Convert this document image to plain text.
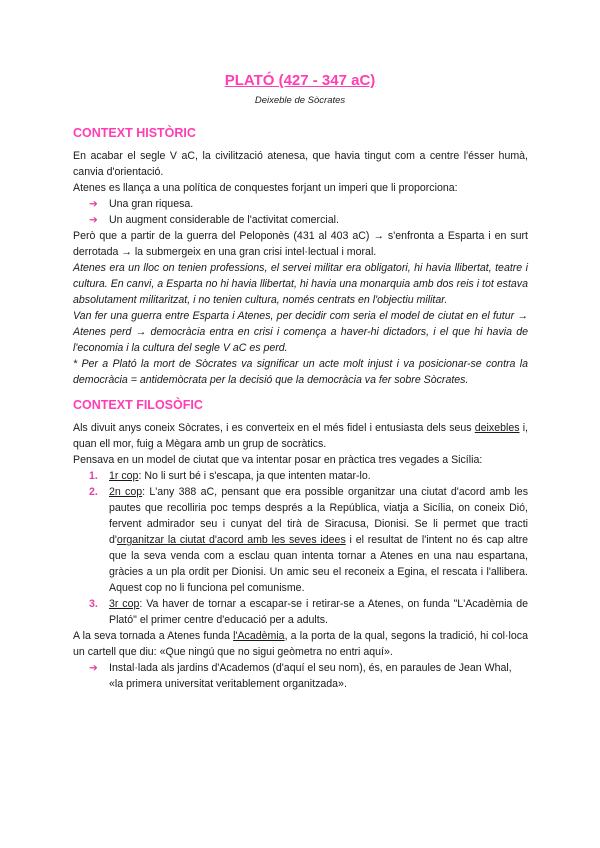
PLATÓ (427 - 347 aC)
Deixeble de Sòcrates
CONTEXT HISTÒRIC

En acabar el segle V aC, la civilització atenesa, que havia tingut com a centre l'ésser humà, canvia d'orientació.

Atenes es llança a una política de conquestes forjant un imperi que li proporciona:

➔ Una gran riquesa.
➔ Un augment considerable de l'activitat comercial.

Però que a partir de la guerra del Peloponès (431 al 403 aC) → s'enfronta a Esparta i en surt derrotada → la submergeix en una gran crisi intel·lectual i moral.

Atenes era un lloc on tenien professions, el servei militar era obligatori, hi havia llibertat, teatre i cultura. En canvi, a Esparta no hi havia llibertat, hi havia una monarquia amb dos reis i tot estava absolutament militaritzat, i no tenien cultura, només centrats en l'objectiu militar.

Van fer una guerra entre Esparta i Atenes, per decidir com seria el model de ciutat en el futur → Atenes perd → democràcia entra en crisi i comença a haver-hi dictadors, i el que hi havia de l'economia i la cultura del segle V aC es perd.

* Per a Plató la mort de Sòcrates va significar un acte molt injust i va posicionar-se contra la democràcia = antidemòcrata per la decisió que la democràcia va fer sobre Sòcrates.

CONTEXT FILOSÒFIC

Als divuit anys coneix Sòcrates, i es converteix en el més fidel i entusiasta dels seus deixebles i, quan ell mor, fuig a Mègara amb un grup de socràtics.

Pensava en un model de ciutat que va intentar posar en pràctica tres vegades a Sicília:

1. 1r cop: No li surt bé i s'escapa, ja que intenten matar-lo.
2. 2n cop: L'any 388 aC, pensant que era possible organitzar una ciutat d'acord amb les pautes que recolliria poc temps després a la República, viatja a Sicília, on coneix Dió, fervent admirador seu i cunyat del tirà de Siracusa, Dionisi. Se li permet que tracti d'organitzar la ciutat d'acord amb les seves idees i el resultat de l'intent no és cap altre que la seva venda com a esclau quan intenta tornar a Atenes en una nau espartana, gràcies a un pla ordit per Dionisi. Un amic seu el reconeix a Egina, el rescata i l'allibera. Aquest cop no li funciona pel comunisme.
3. 3r cop: Va haver de tornar a escapar-se i retirar-se a Atenes, on funda "L'Acadèmia de Plató" el primer centre d'educació per a adults.

A la seva tornada a Atenes funda l'Acadèmia, a la porta de la qual, segons la tradició, hi col·loca un cartell que diu: «Que ningú que no sigui geòmetra no entri aquí».

➔ Instal·lada als jardins d'Academos (d'aquí el seu nom), és, en paraules de Jean Whal, «la primera universitat veritablement organitzada».
